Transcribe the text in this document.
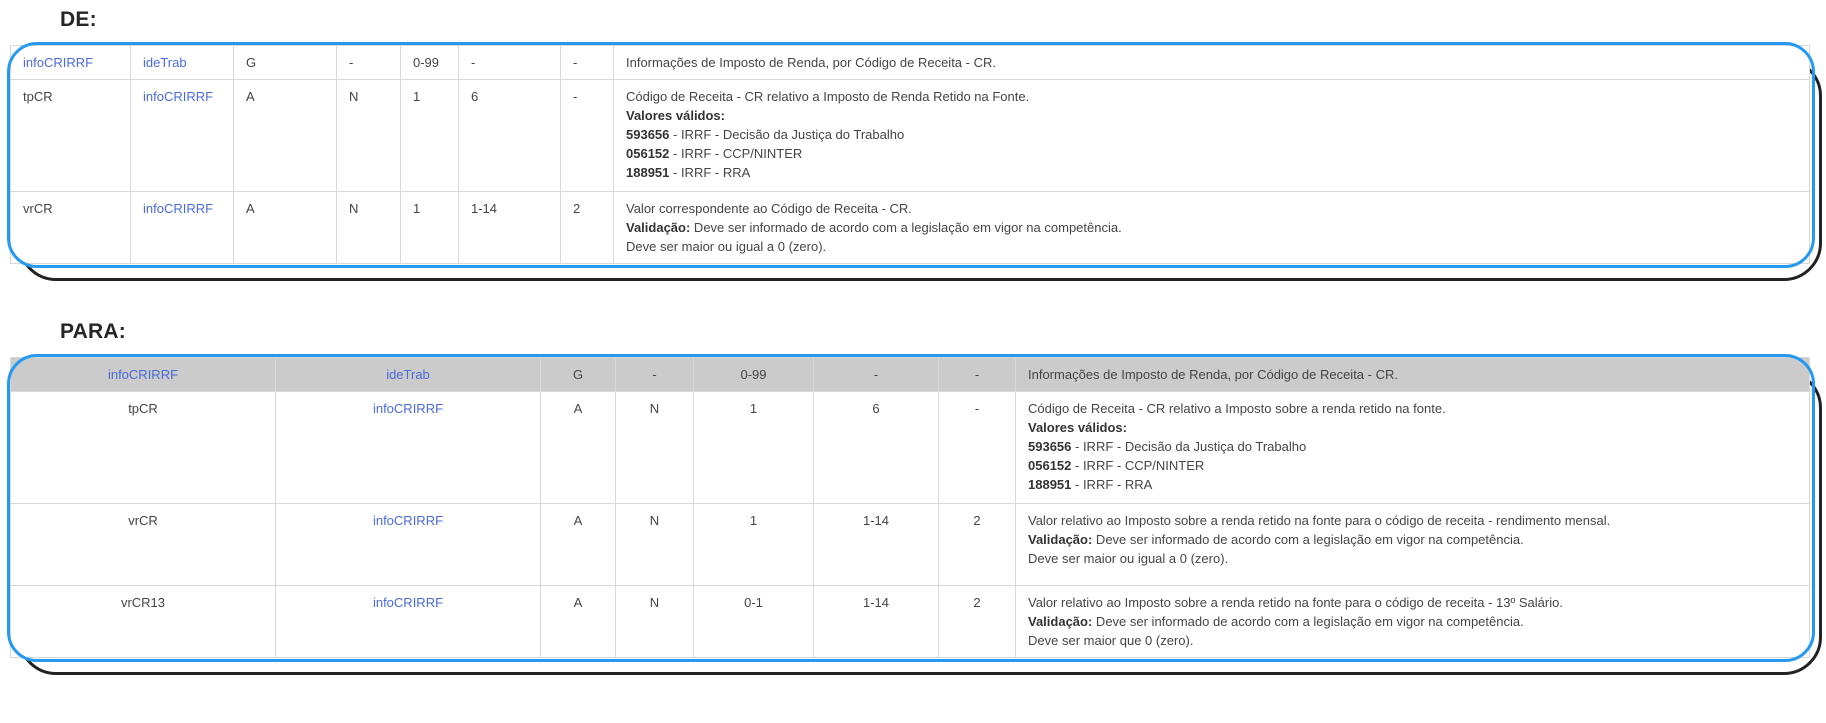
DE:
infoCRIRRF	ideTrab	G	-	0-99	-	-	Informações de Imposto de Renda, por Código de Receita - CR.

tpCR	infoCRIRRF	A	N	1	6	-	Código de Receita - CR relativo a Imposto de Renda Retido na Fonte.
Valores válidos:
593656 - IRRF - Decisão da Justiça do Trabalho
056152 - IRRF - CCP/NINTER
188951 - IRRF - RRA

vrCR	infoCRIRRF	A	N	1	1-14	2	Valor correspondente ao Código de Receita - CR.
Validação: Deve ser informado de acordo com a legislação em vigor na competência.
Deve ser maior ou igual a 0 (zero).
PARA:
infoCRIRRF	ideTrab	G	-	0-99	-	-	Informações de Imposto de Renda, por Código de Receita - CR.

tpCR	infoCRIRRF	A	N	1	6	-	Código de Receita - CR relativo a Imposto sobre a renda retido na fonte.
Valores válidos:
593656 - IRRF - Decisão da Justiça do Trabalho
056152 - IRRF - CCP/NINTER
188951 - IRRF - RRA

vrCR	infoCRIRRF	A	N	1	1-14	2	Valor relativo ao Imposto sobre a renda retido na fonte para o código de receita - rendimento mensal.
Validação: Deve ser informado de acordo com a legislação em vigor na competência.
Deve ser maior ou igual a 0 (zero).

vrCR13	infoCRIRRF	A	N	0-1	1-14	2	Valor relativo ao Imposto sobre a renda retido na fonte para o código de receita - 13º Salário.
Validação: Deve ser informado de acordo com a legislação em vigor na competência.
Deve ser maior que 0 (zero).
